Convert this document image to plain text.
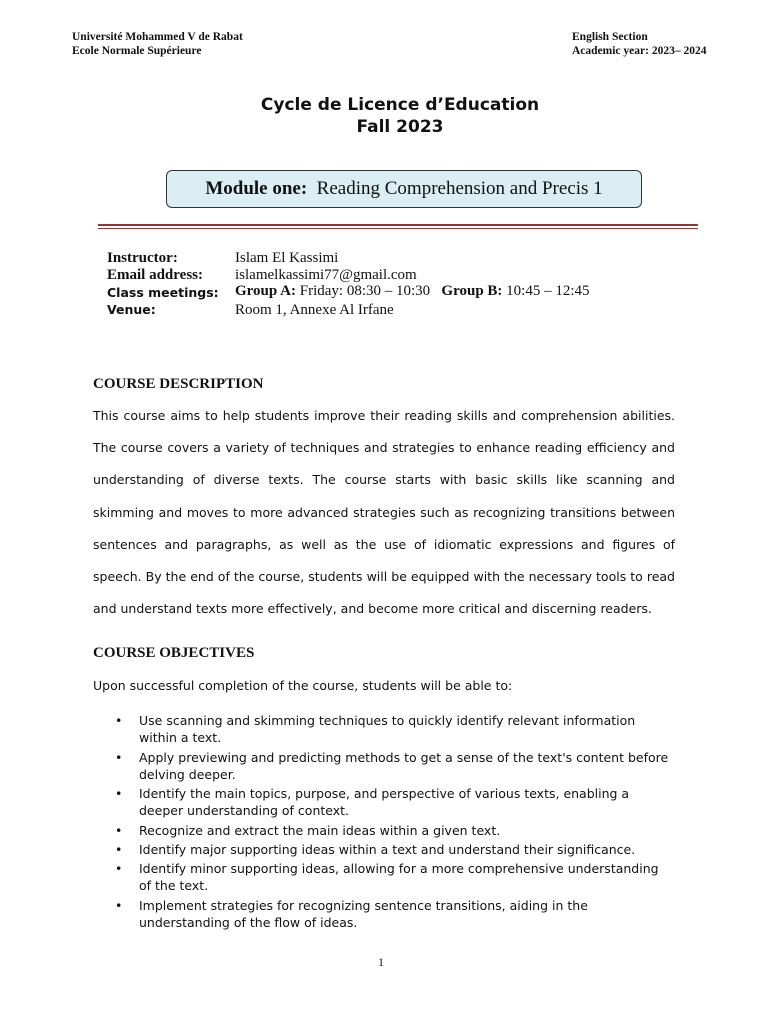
Université Mohammed V de Rabat
Ecole Normale Supérieure
English Section
Academic year: 2023– 2024
Cycle de Licence d’Education
Fall 2023
Module one: Reading Comprehension and Precis 1
Instructor:	Islam El Kassimi
Email address: islamelkassimi77@gmail.com
Class meetings: Group A: Friday: 08:30 – 10:30 Group B: 10:45 – 12:45
Venue:	Room 1, Annexe Al Irfane
COURSE DESCRIPTION

This course aims to help students improve their reading skills and comprehension abilities. The course covers a variety of techniques and strategies to enhance reading efficiency and understanding of diverse texts. The course starts with basic skills like scanning and skimming and moves to more advanced strategies such as recognizing transitions between sentences and paragraphs, as well as the use of idiomatic expressions and figures of speech. By the end of the course, students will be equipped with the necessary tools to read and understand texts more effectively, and become more critical and discerning readers.

COURSE OBJECTIVES

Upon successful completion of the course, students will be able to:

• Use scanning and skimming techniques to quickly identify relevant information within a text.
• Apply previewing and predicting methods to get a sense of the text's content before delving deeper.
• Identify the main topics, purpose, and perspective of various texts, enabling a deeper understanding of context.
• Recognize and extract the main ideas within a given text.
• Identify major supporting ideas within a text and understand their significance.
• Identify minor supporting ideas, allowing for a more comprehensive understanding of the text.
• Implement strategies for recognizing sentence transitions, aiding in the understanding of the flow of ideas.
1
